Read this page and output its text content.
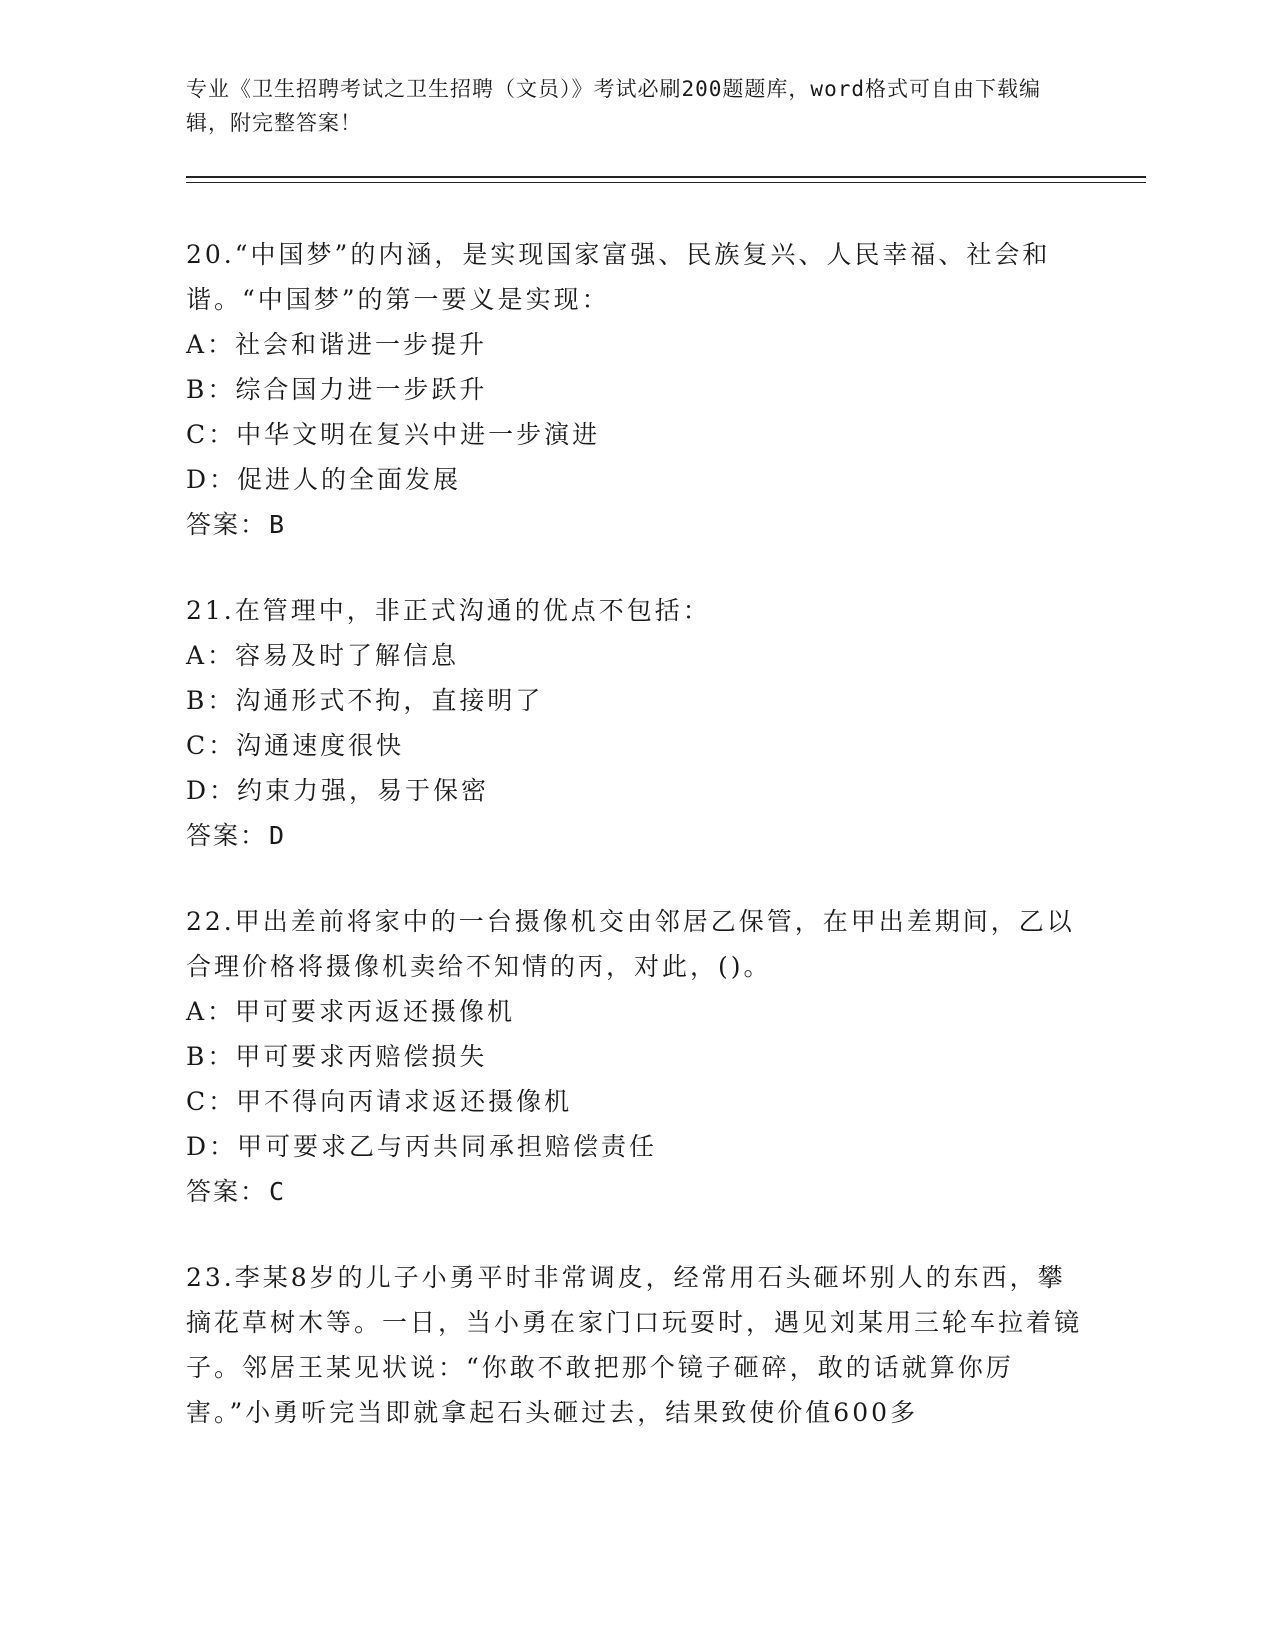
专业《卫生招聘考试之卫生招聘（文员）》考试必刷200题题库，word格式可自由下载编辑，附完整答案！

20.“中国梦”的内涵，是实现国家富强、民族复兴、人民幸福、社会和谐。“中国梦”的第一要义是实现：

A：社会和谐进一步提升

B：综合国力进一步跃升

C：中华文明在复兴中进一步演进

D：促进人的全面发展

答案：B

21.在管理中，非正式沟通的优点不包括：

A：容易及时了解信息

B：沟通形式不拘，直接明了

C：沟通速度很快

D：约束力强，易于保密

答案：D

22.甲出差前将家中的一台摄像机交由邻居乙保管，在甲出差期间，乙以合理价格将摄像机卖给不知情的丙，对此，()。

A：甲可要求丙返还摄像机

B：甲可要求丙赔偿损失

C：甲不得向丙请求返还摄像机

D：甲可要求乙与丙共同承担赔偿责任

答案：C

23.李某8岁的儿子小勇平时非常调皮，经常用石头砸坏别人的东西，攀摘花草树木等。一日，当小勇在家门口玩耍时，遇见刘某用三轮车拉着镜子。邻居王某见状说：“你敢不敢把那个镜子砸碎，敢的话就算你厉害。”小勇听完当即就拿起石头砸过去，结果致使价值600多
